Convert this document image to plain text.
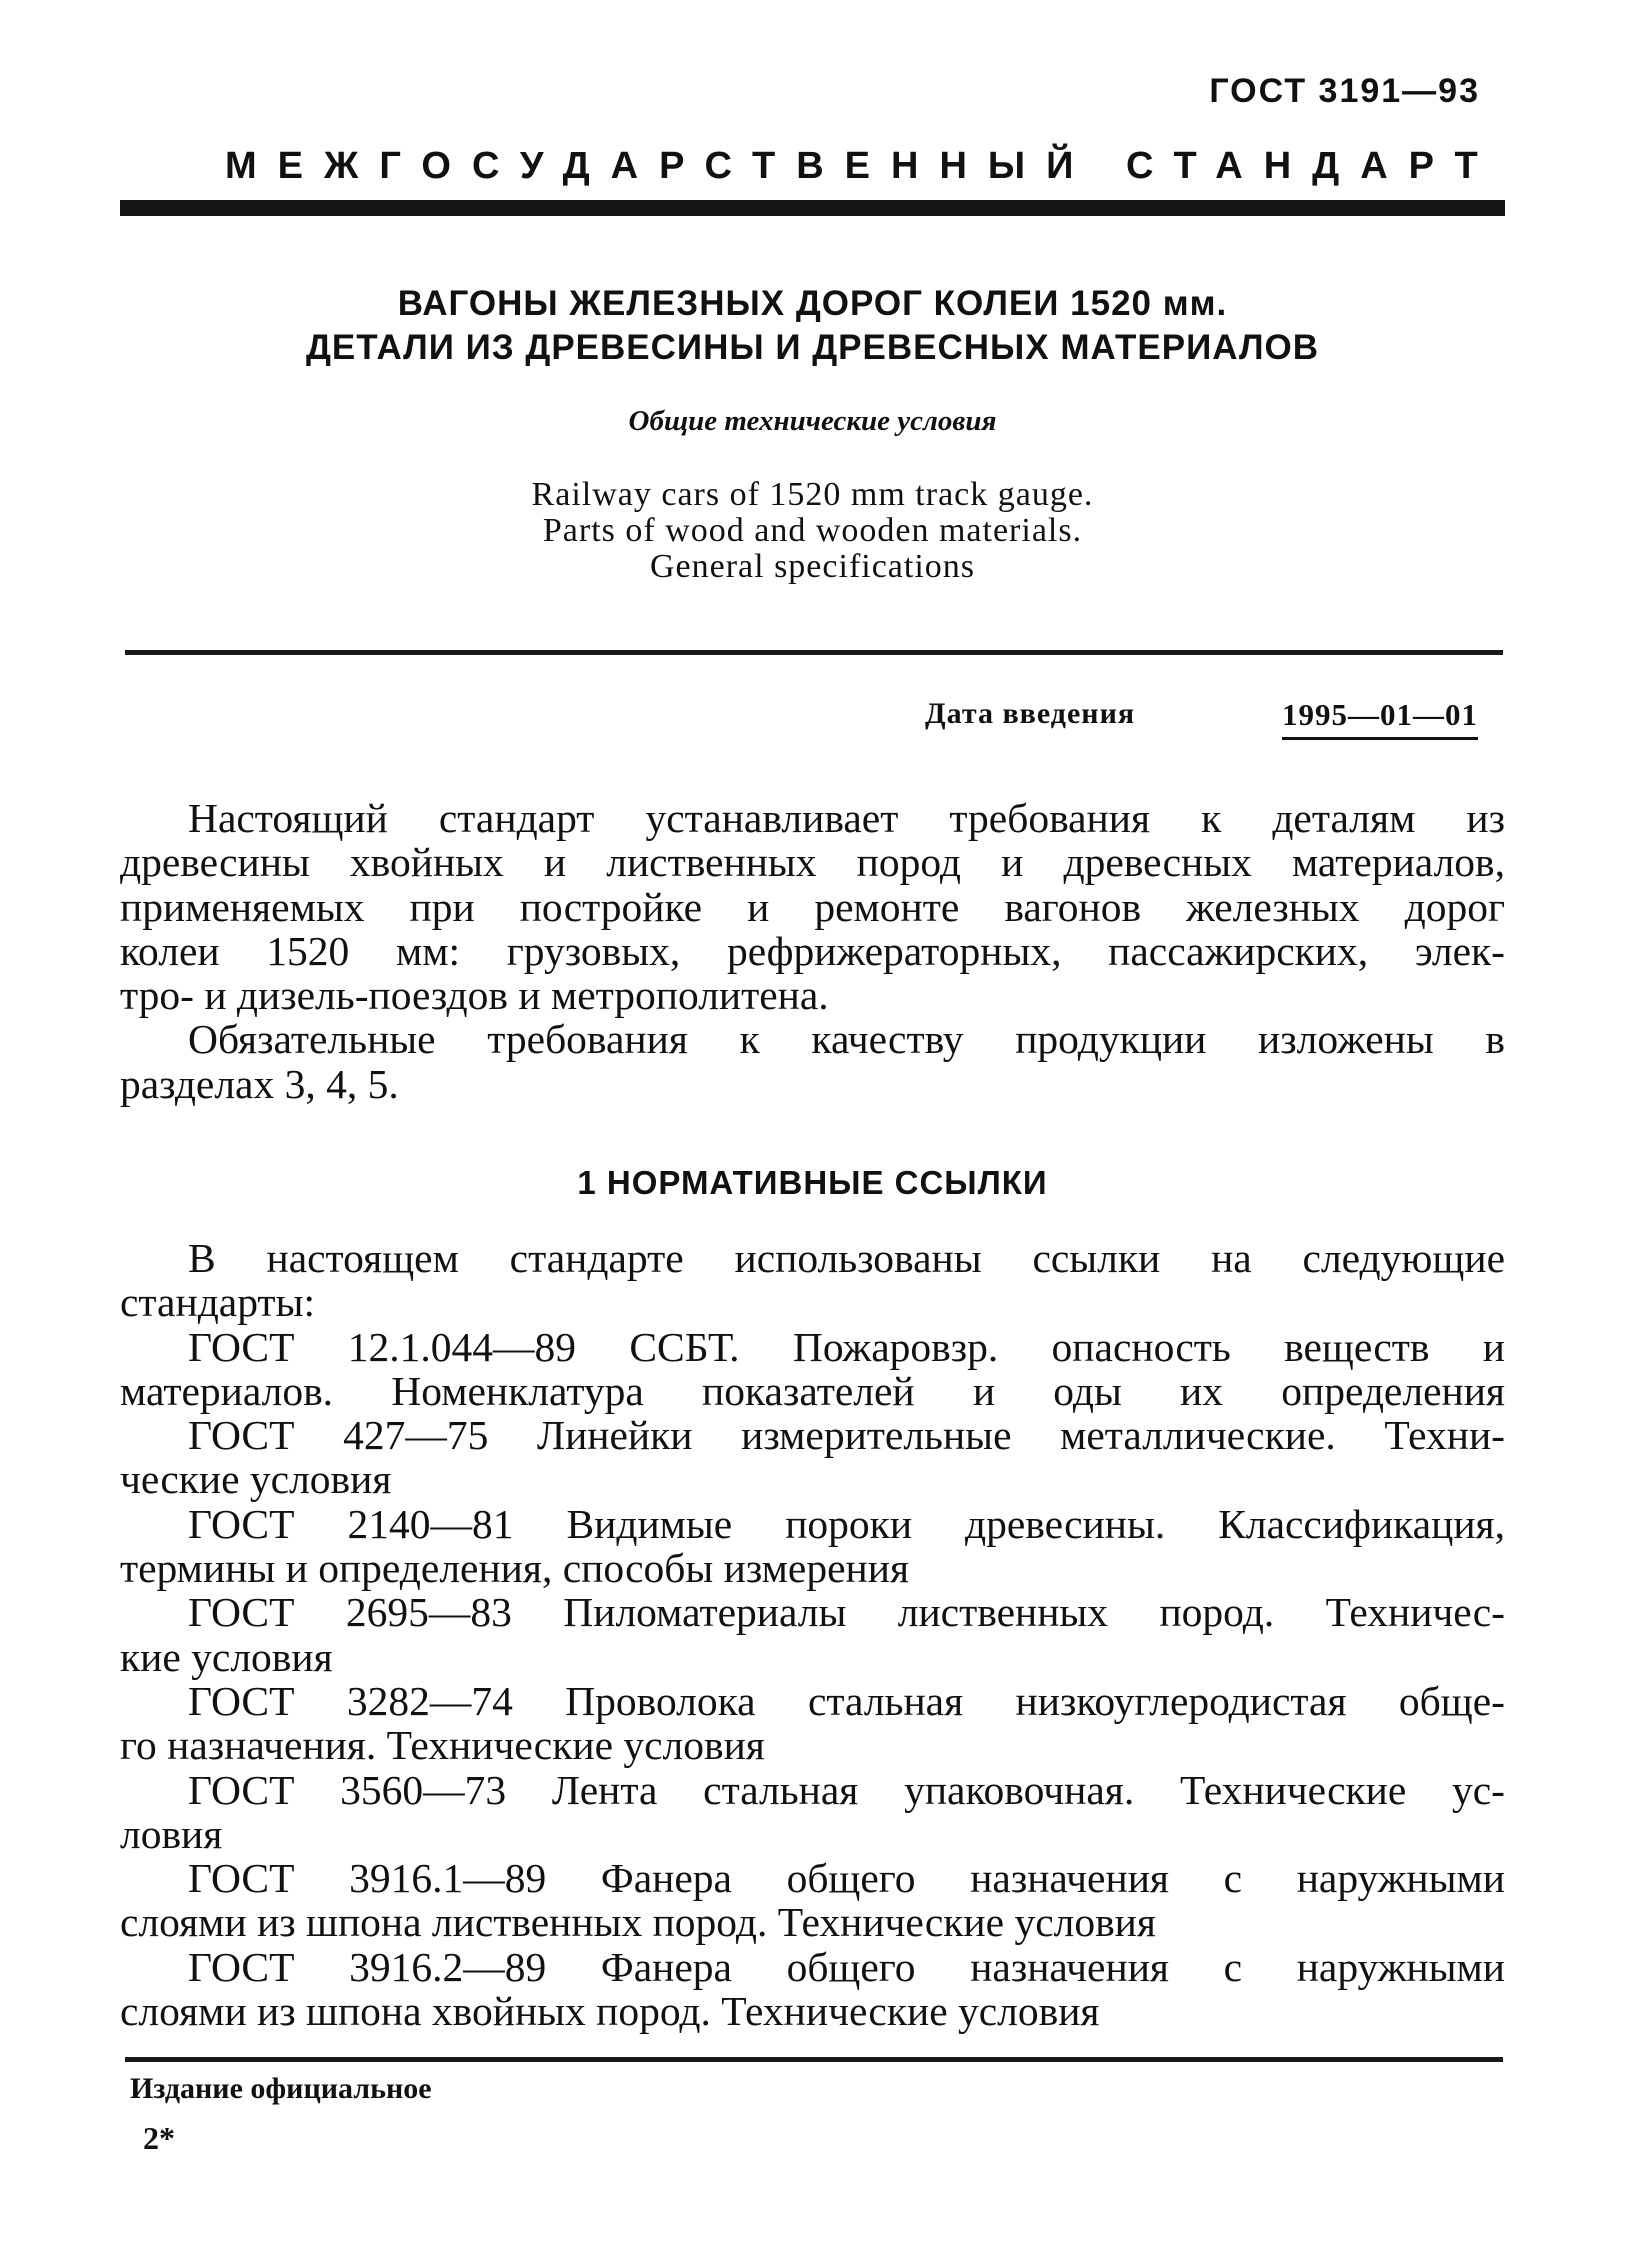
ГОСТ 3191—93
МЕЖГОСУДАРСТВЕННЫЙ СТАНДАРТ
ВАГОНЫ ЖЕЛЕЗНЫХ ДОРОГ КОЛЕИ 1520 мм.
ДЕТАЛИ ИЗ ДРЕВЕСИНЫ И ДРЕВЕСНЫХ МАТЕРИАЛОВ
Общие технические условия
Railway cars of 1520 mm track gauge.
Parts of wood and wooden materials.
General specifications
Дата введения	1995—01—01
Настоящий стандарт устанавливает требования к деталям из
древесины хвойных и лиственных пород и древесных материалов,
применяемых при постройке и ремонте вагонов железных дорог
колеи 1520 мм: грузовых, рефрижераторных, пассажирских, элек-
тро- и дизель-поездов и метрополитена.
Обязательные требования к качеству продукции изложены в
разделах 3, 4, 5.
1 НОРМАТИВНЫЕ ССЫЛКИ
В настоящем стандарте использованы ссылки на следующие
стандарты:
ГОСТ 12.1.044—89 ССБТ. Пожаровзр. опасность веществ и
материалов. Номенклатура показателей и оды их определения
ГОСТ 427—75 Линейки измерительные металлические. Техни-
ческие условия
ГОСТ 2140—81 Видимые пороки древесины. Классификация,
термины и определения, способы измерения
ГОСТ 2695—83 Пиломатериалы лиственных пород. Техничес-
кие условия
ГОСТ 3282—74 Проволока стальная низкоуглеродистая обще-
го назначения. Технические условия
ГОСТ 3560—73 Лента стальная упаковочная. Технические ус-
ловия
ГОСТ 3916.1—89 Фанера общего назначения с наружными
слоями из шпона лиственных пород. Технические условия
ГОСТ 3916.2—89 Фанера общего назначения с наружными
слоями из шпона хвойных пород. Технические условия
Издание официальное
2*
